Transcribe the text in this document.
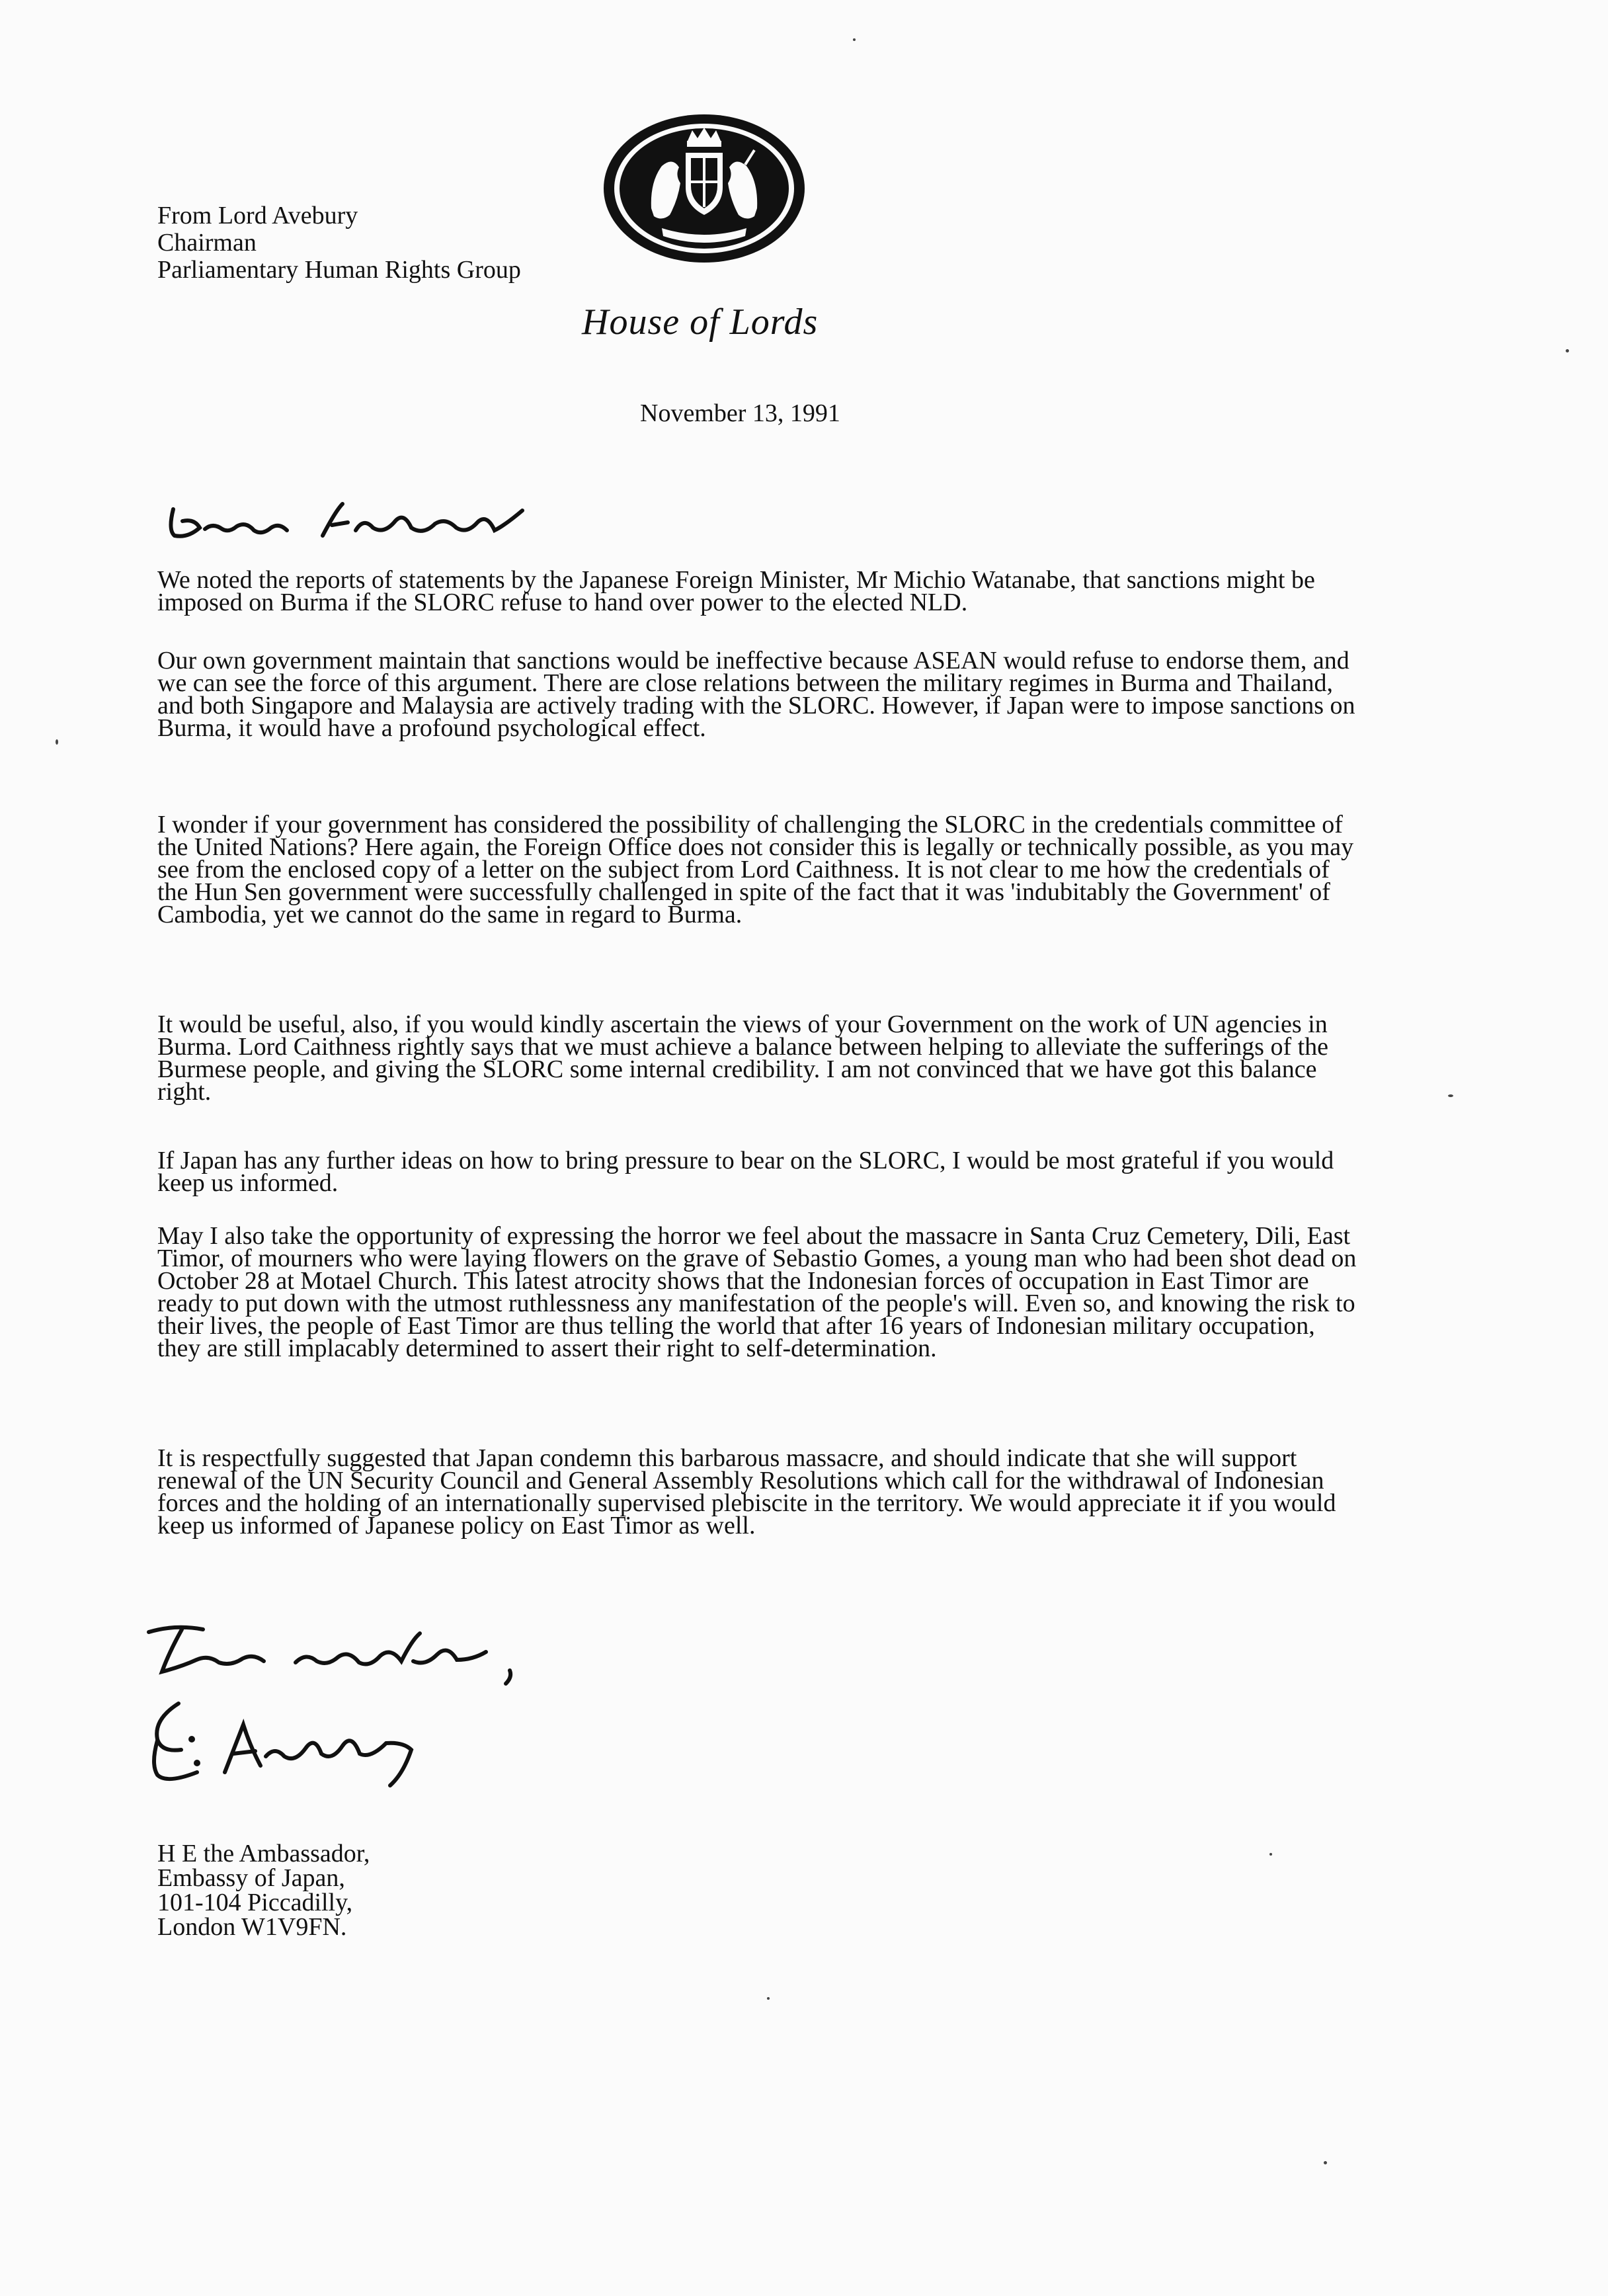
From Lord Avebury
Chairman
Parliamentary Human Rights Group
House of Lords
November 13, 1991
We noted the reports of statements by the Japanese Foreign Minister, Mr Michio Watanabe, that sanctions might be imposed on Burma if the SLORC refuse to hand over power to the elected NLD.
Our own government maintain that sanctions would be ineffective because ASEAN would refuse to endorse them, and we can see the force of this argument. There are close relations between the military regimes in Burma and Thailand, and both Singapore and Malaysia are actively trading with the SLORC. However, if Japan were to impose sanctions on Burma, it would have a profound psychological effect.
I wonder if your government has considered the possibility of challenging the SLORC in the credentials committee of the United Nations? Here again, the Foreign Office does not consider this is legally or technically possible, as you may see from the enclosed copy of a letter on the subject from Lord Caithness. It is not clear to me how the credentials of the Hun Sen government were successfully challenged in spite of the fact that it was 'indubitably the Government' of Cambodia, yet we cannot do the same in regard to Burma.
It would be useful, also, if you would kindly ascertain the views of your Government on the work of UN agencies in Burma. Lord Caithness rightly says that we must achieve a balance between helping to alleviate the sufferings of the Burmese people, and giving the SLORC some internal credibility. I am not convinced that we have got this balance right.
If Japan has any further ideas on how to bring pressure to bear on the SLORC, I would be most grateful if you would keep us informed.
May I also take the opportunity of expressing the horror we feel about the massacre in Santa Cruz Cemetery, Dili, East Timor, of mourners who were laying flowers on the grave of Sebastio Gomes, a young man who had been shot dead on October 28 at Motael Church. This latest atrocity shows that the Indonesian forces of occupation in East Timor are ready to put down with the utmost ruthlessness any manifestation of the people's will. Even so, and knowing the risk to their lives, the people of East Timor are thus telling the world that after 16 years of Indonesian military occupation, they are still implacably determined to assert their right to self-determination.
It is respectfully suggested that Japan condemn this barbarous massacre, and should indicate that she will support renewal of the UN Security Council and General Assembly Resolutions which call for the withdrawal of Indonesian forces and the holding of an internationally supervised plebiscite in the territory. We would appreciate it if you would keep us informed of Japanese policy on East Timor as well.
H E the Ambassador,
Embassy of Japan,
101-104 Piccadilly,
London W1V9FN.
